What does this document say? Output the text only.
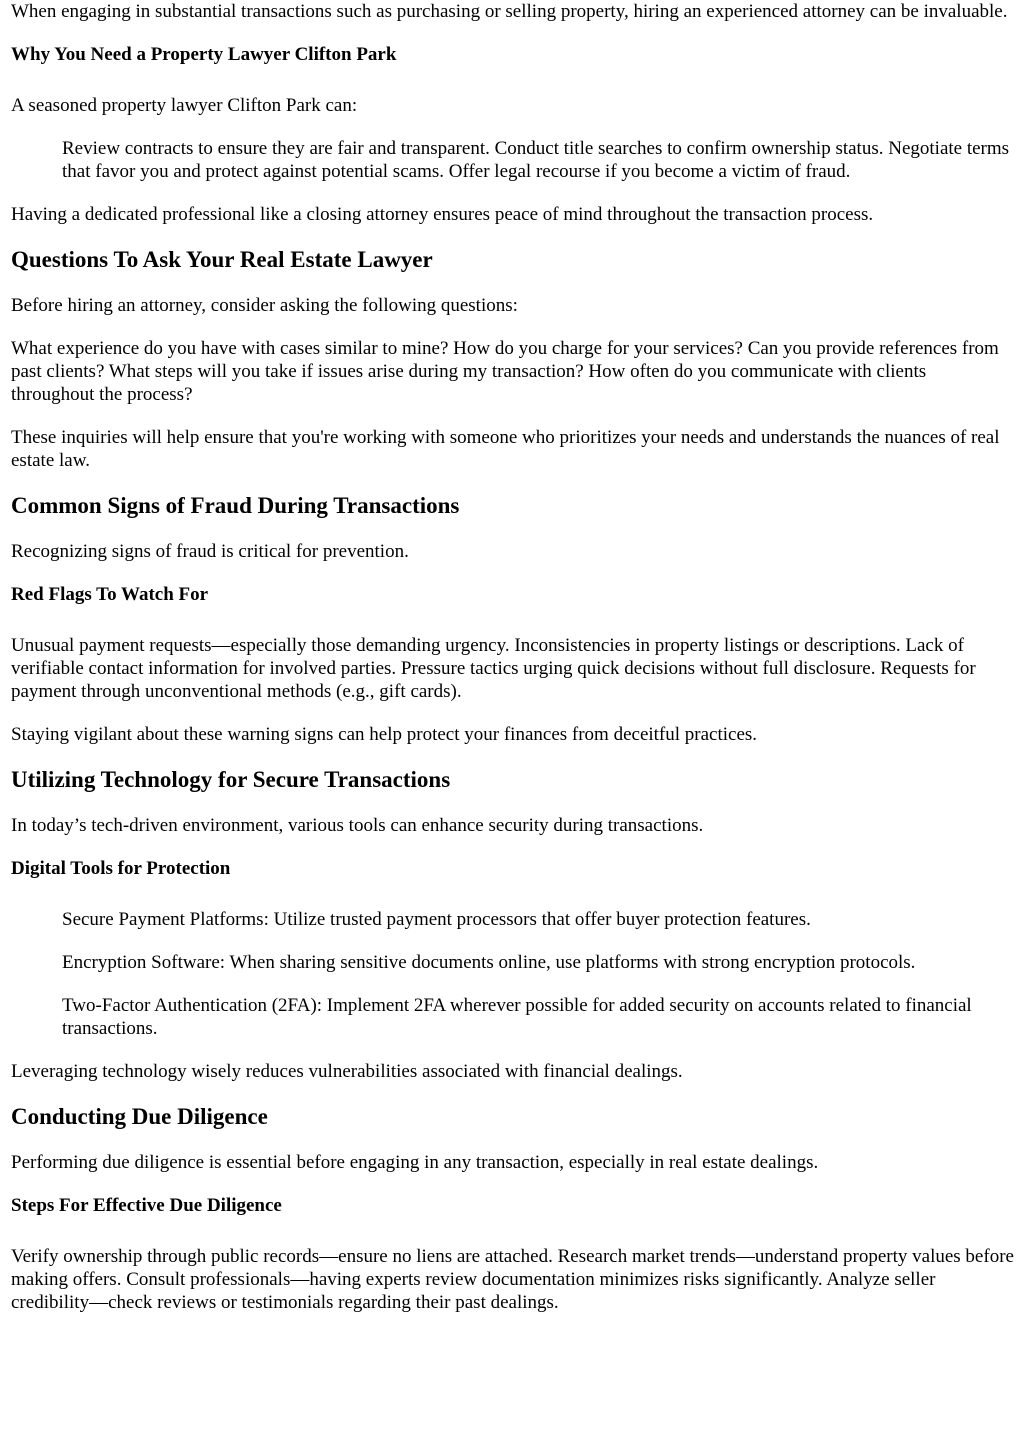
When engaging in substantial transactions such as purchasing or selling property, hiring an experienced attorney can be invaluable.

Why You Need a Property Lawyer Clifton Park

A seasoned property lawyer Clifton Park can:

Review contracts to ensure they are fair and transparent. Conduct title searches to confirm ownership status. Negotiate terms that favor you and protect against potential scams. Offer legal recourse if you become a victim of fraud.

Having a dedicated professional like a closing attorney ensures peace of mind throughout the transaction process.

Questions To Ask Your Real Estate Lawyer

Before hiring an attorney, consider asking the following questions:

What experience do you have with cases similar to mine? How do you charge for your services? Can you provide references from past clients? What steps will you take if issues arise during my transaction? How often do you communicate with clients throughout the process?

These inquiries will help ensure that you're working with someone who prioritizes your needs and understands the nuances of real estate law.

Common Signs of Fraud During Transactions

Recognizing signs of fraud is critical for prevention.

Red Flags To Watch For

Unusual payment requests—especially those demanding urgency. Inconsistencies in property listings or descriptions. Lack of verifiable contact information for involved parties. Pressure tactics urging quick decisions without full disclosure. Requests for payment through unconventional methods (e.g., gift cards).

Staying vigilant about these warning signs can help protect your finances from deceitful practices.

Utilizing Technology for Secure Transactions

In today’s tech-driven environment, various tools can enhance security during transactions.

Digital Tools for Protection

Secure Payment Platforms: Utilize trusted payment processors that offer buyer protection features.

Encryption Software: When sharing sensitive documents online, use platforms with strong encryption protocols.

Two-Factor Authentication (2FA): Implement 2FA wherever possible for added security on accounts related to financial transactions.

Leveraging technology wisely reduces vulnerabilities associated with financial dealings.

Conducting Due Diligence

Performing due diligence is essential before engaging in any transaction, especially in real estate dealings.

Steps For Effective Due Diligence

Verify ownership through public records—ensure no liens are attached. Research market trends—understand property values before making offers. Consult professionals—having experts review documentation minimizes risks significantly. Analyze seller credibility—check reviews or testimonials regarding their past dealings.
